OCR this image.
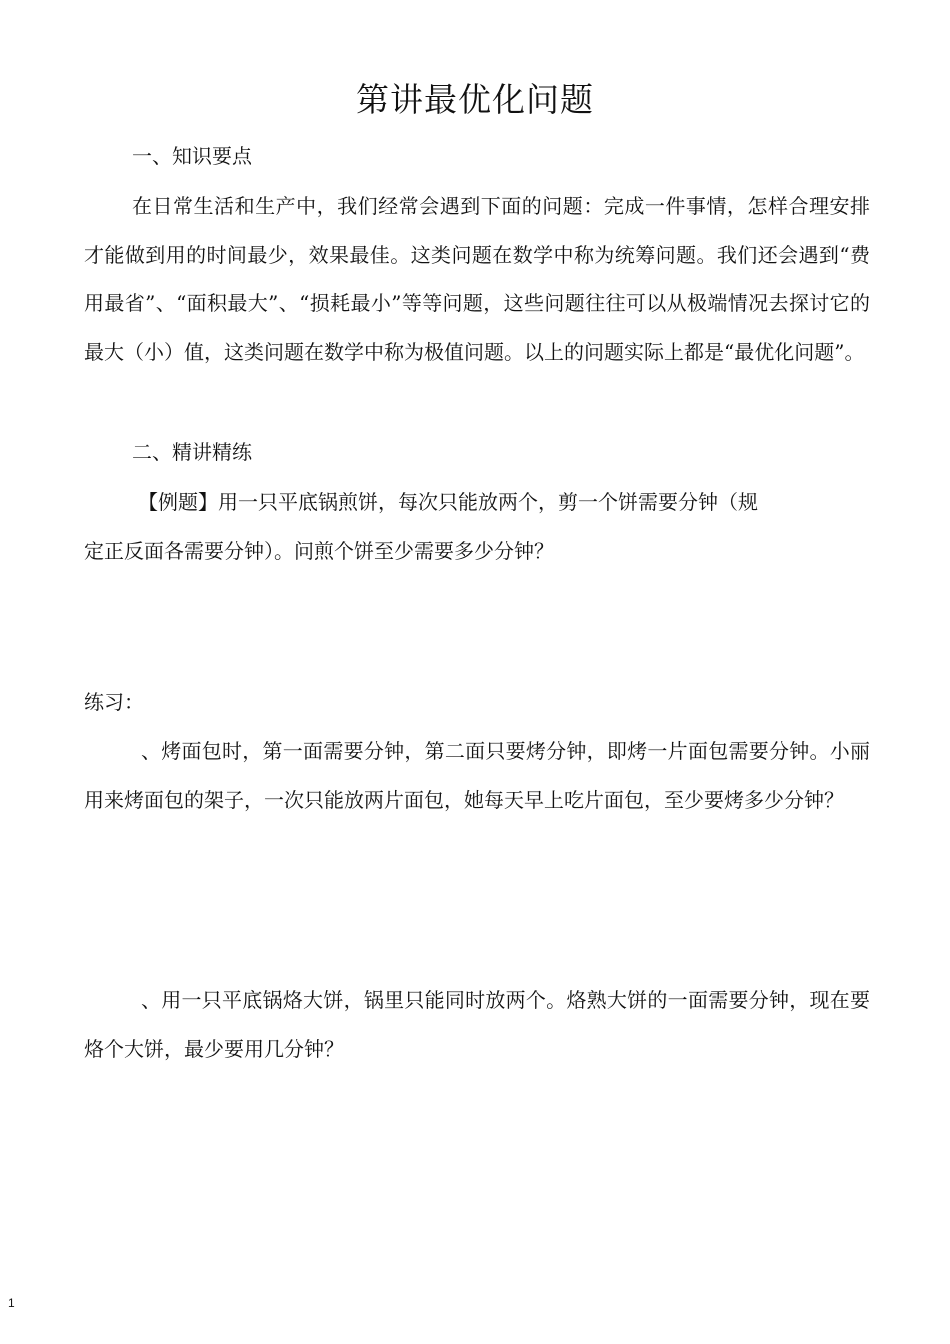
第讲最优化问题
一、知识要点
在日常生活和生产中，我们经常会遇到下面的问题：完成一件事情，怎样合理安排才能做到用的时间最少，效果最佳。这类问题在数学中称为统筹问题。我们还会遇到“费用最省”、“面积最大”、“损耗最小”等等问题，这些问题往往可以从极端情况去探讨它的最大（小）值，这类问题在数学中称为极值问题。以上的问题实际上都是“最优化问题”。
二、精讲精练
【例题】用一只平底锅煎饼，每次只能放两个，剪一个饼需要分钟（规
定正反面各需要分钟）。问煎个饼至少需要多少分钟？
练习：
、烤面包时，第一面需要分钟，第二面只要烤分钟，即烤一片面包需要分钟。小丽用来烤面包的架子，一次只能放两片面包，她每天早上吃片面包，至少要烤多少分钟？
、用一只平底锅烙大饼，锅里只能同时放两个。烙熟大饼的一面需要分钟，现在要烙个大饼，最少要用几分钟？
1
